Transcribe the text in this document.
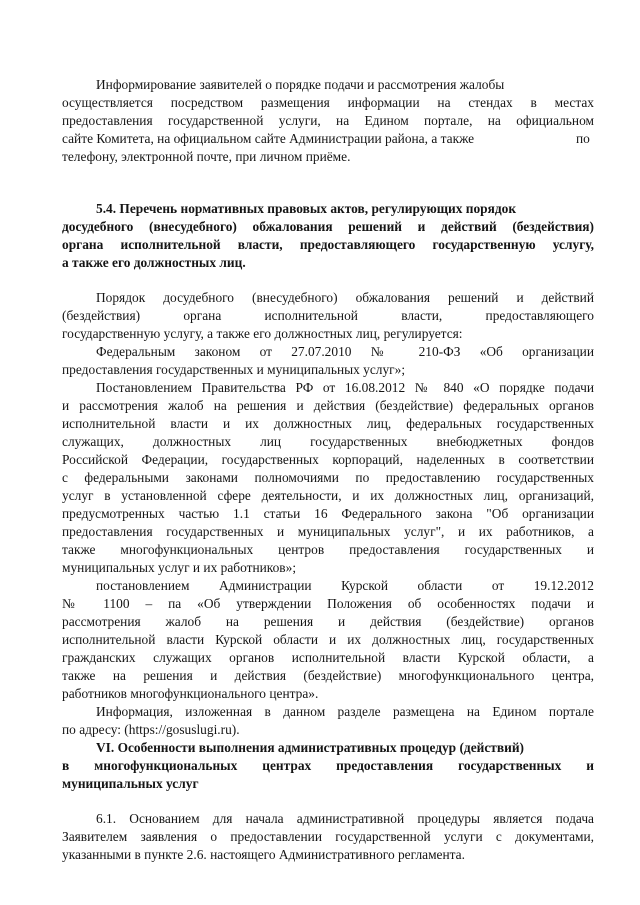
Информирование заявителей о порядке подачи и рассмотрения жалобы
осуществляется посредством размещения информации на стендах в местах
предоставления государственной услуги, на Едином портале, на официальном
сайте Комитета, на официальном сайте Администрации района, а также	по
телефону, электронной почте, при личном приёме.
5.4. Перечень нормативных правовых актов, регулирующих порядок
досудебного (внесудебного) обжалования решений и действий (бездействия)
органа исполнительной власти, предоставляющего государственную услугу,
а также его должностных лиц.
Порядок досудебного (внесудебного) обжалования решений и действий
(бездействия) органа исполнительной власти, предоставляющего
государственную услугу, а также его должностных лиц, регулируется:
Федеральным законом от 27.07.2010 № 210-ФЗ «Об организации
предоставления государственных и муниципальных услуг»;
Постановлением Правительства РФ от 16.08.2012 № 840 «О порядке подачи
и рассмотрения жалоб на решения и действия (бездействие) федеральных органов
исполнительной власти и их должностных лиц, федеральных государственных
служащих, должностных лиц государственных внебюджетных фондов
Российской Федерации, государственных корпораций, наделенных в соответствии
с федеральными законами полномочиями по предоставлению государственных
услуг в установленной сфере деятельности, и их должностных лиц, организаций,
предусмотренных частью 1.1 статьи 16 Федерального закона "Об организации
предоставления государственных и муниципальных услуг", и их работников, а
также многофункциональных центров предоставления государственных и
муниципальных услуг и их работников»;
постановлением Администрации Курской области от 19.12.2012
№ 1100 – па «Об утверждении Положения об особенностях подачи и
рассмотрения жалоб на решения и действия (бездействие) органов
исполнительной власти Курской области и их должностных лиц, государственных
гражданских служащих органов исполнительной власти Курской области, а
также на решения и действия (бездействие) многофункционального центра,
работников многофункционального центра».
Информация, изложенная в данном разделе размещена на Едином портале
по адресу: (https://gosuslugi.ru).
VI. Особенности выполнения административных процедур (действий)
в многофункциональных центрах предоставления государственных и
муниципальных услуг
6.1. Основанием для начала административной процедуры является подача
Заявителем заявления о предоставлении государственной услуги с документами,
указанными в пункте 2.6. настоящего Административного регламента.
